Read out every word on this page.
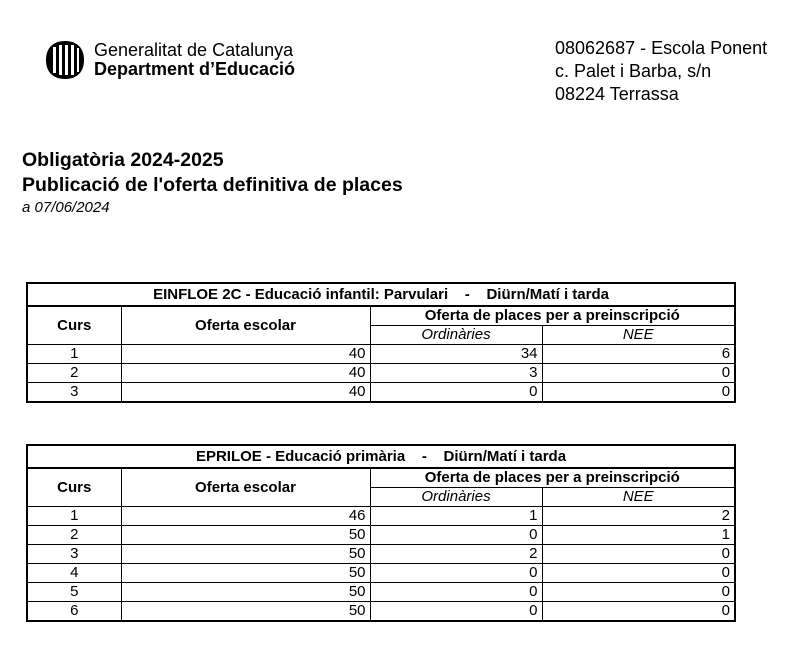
Generalitat de Catalunya
Department d’Educació
08062687 - Escola Ponent
c. Palet i Barba, s/n
08224 Terrassa
Obligatòria 2024-2025
Publicació de l'oferta definitiva de places
a 07/06/2024
EINFLOE 2C - Educació infantil: Parvulari    -    Diürn/Matí i tarda			
Curs	Oferta escolar	Oferta de places per a preinscripció	
		Ordinàries	NEE
1	40	34	6
2	40	3	0
3	40	0	0
EPRILOE - Educació primària    -    Diürn/Matí i tarda			
Curs	Oferta escolar	Oferta de places per a preinscripció	
		Ordinàries	NEE
1	46	1	2
2	50	0	1
3	50	2	0
4	50	0	0
5	50	0	0
6	50	0	0
